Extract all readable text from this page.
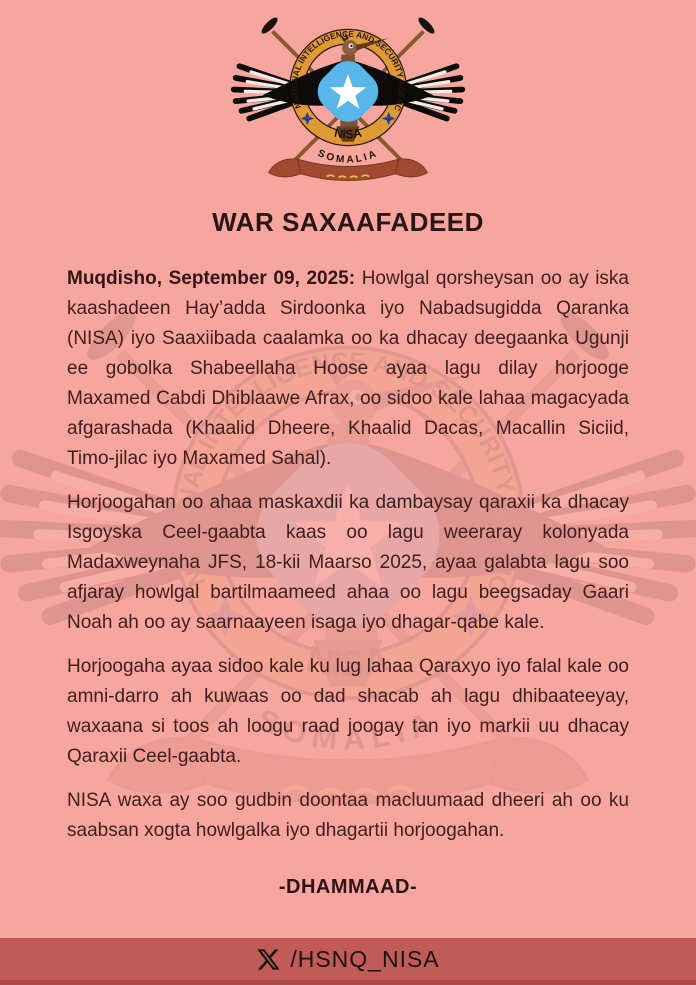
WAR SAXAAFADEED

Muqdisho, September 09, 2025: Howlgal qorsheysan oo ay iska kaashadeen Hay’adda Sirdoonka iyo Nabadsugidda Qaranka (NISA) iyo Saaxiibada caalamka oo ka dhacay deegaanka Ugunji ee gobolka Shabeellaha Hoose ayaa lagu dilay horjooge Maxamed Cabdi Dhiblaawe Afrax, oo sidoo kale lahaa magacyada afgarashada (Khaalid Dheere, Khaalid Dacas, Macallin Siciid, Timo-jilac iyo Maxamed Sahal).

Horjoogahan oo ahaa maskaxdii ka dambaysay qaraxii ka dhacay Isgoyska Ceel-gaabta kaas oo lagu weeraray kolonyada Madaxweynaha JFS, 18-kii Maarso 2025, ayaa galabta lagu soo afjaray howlgal bartilmaameed ahaa oo lagu beegsaday Gaari Noah ah oo ay saarnaayeen isaga iyo dhagar-qabe kale.

Horjoogaha ayaa sidoo kale ku lug lahaa Qaraxyo iyo falal kale oo amni-darro ah kuwaas oo dad shacab ah lagu dhibaateeyay, waxaana si toos ah loogu raad joogay tan iyo markii uu dhacay Qaraxii Ceel-gaabta.

NISA waxa ay soo gudbin doontaa macluumaad dheeri ah oo ku saabsan xogta howlgalka iyo dhagartii horjoogahan.

-DHAMMAAD-
/HSNQ_NISA
